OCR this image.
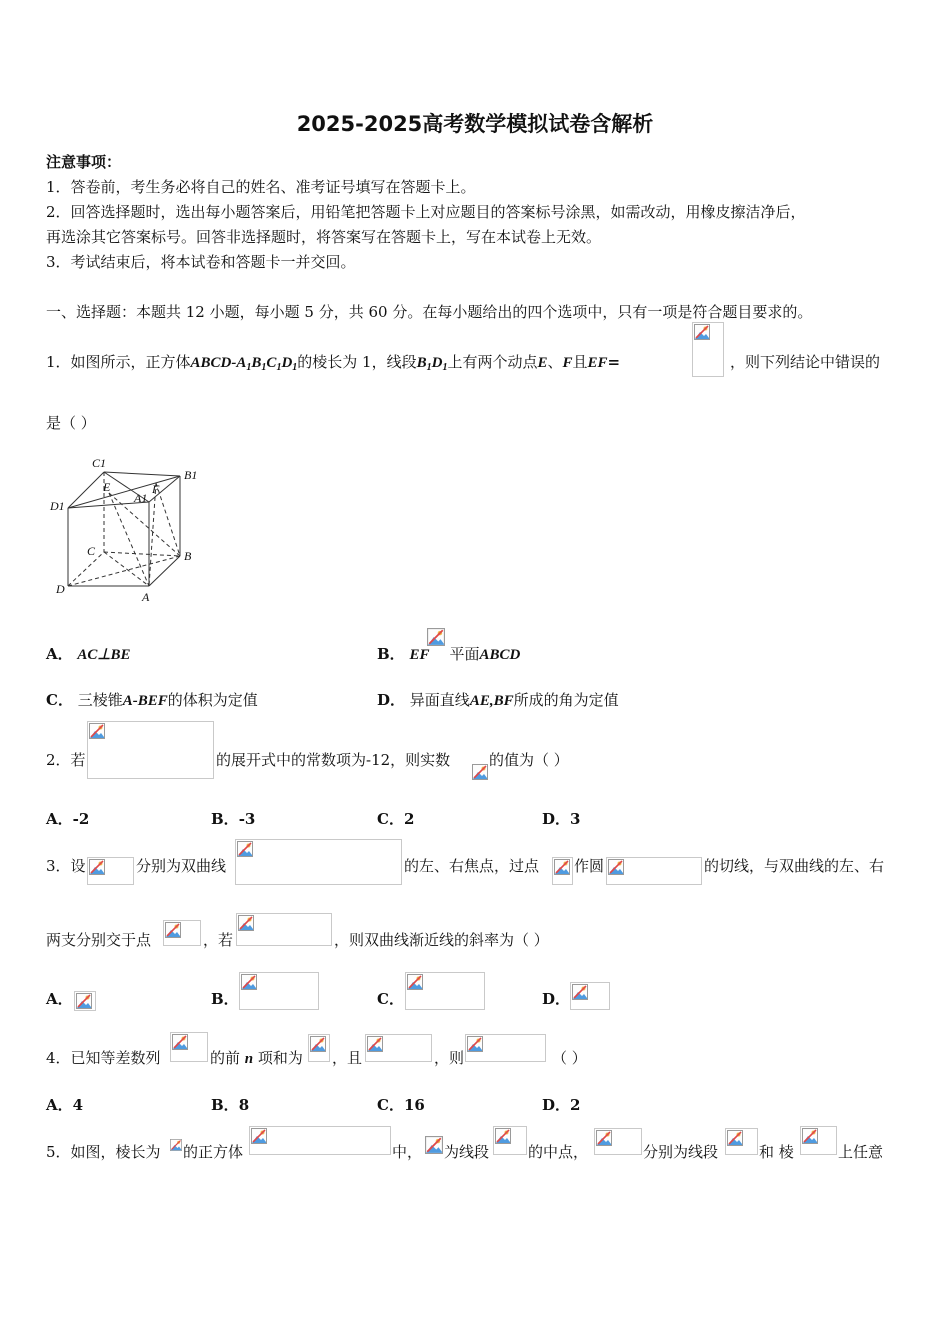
2025-2025高考数学模拟试卷含解析
注意事项：
1．答卷前，考生务必将自己的姓名、准考证号填写在答题卡上。
2．回答选择题时，选出每小题答案后，用铅笔把答题卡上对应题目的答案标号涂黑，如需改动，用橡皮擦洁净后，
再选涂其它答案标号。回答非选择题时，将答案写在答题卡上，写在本试卷上无效。
3．考试结束后，将本试卷和答题卡一并交回。
一、选择题：本题共 12 小题，每小题 5 分，共 60 分。在每小题给出的四个选项中，只有一项是符合题目要求的。
1．如图所示，正方体ABCD-$A_1B_1C_1D_1$的棱长为 1，线段$B_1D_1$上有两个动点E、F且EF=	，则下列结论中错误的
是（ ）
C1
B1
E	F
A1
D1
C	B
D
A
A． AC⊥BE	B． EF 平面ABCD
C． 三棱锥A-BEF的体积为定值	D． 异面直线AE,BF所成的角为定值
2．若	的展开式中的常数项为-12，则实数	的值为（ ）
A．-2	B．-3	C．2	D．3
3．设	分别为双曲线	的左、右焦点，过点 作圆	的切线，与双曲线的左、右
两支分别交于点	，若	，则双曲线渐近线的斜率为（ ）
A．	B．	C．	D．
4．已知等差数列	的前 n 项和为 ，且	，则	（ ）
A．4	B．8	C．16	D．2
5．如图，棱长为 的正方体	中， 为线段	的中点，	分别为线段	和 棱	上任意
